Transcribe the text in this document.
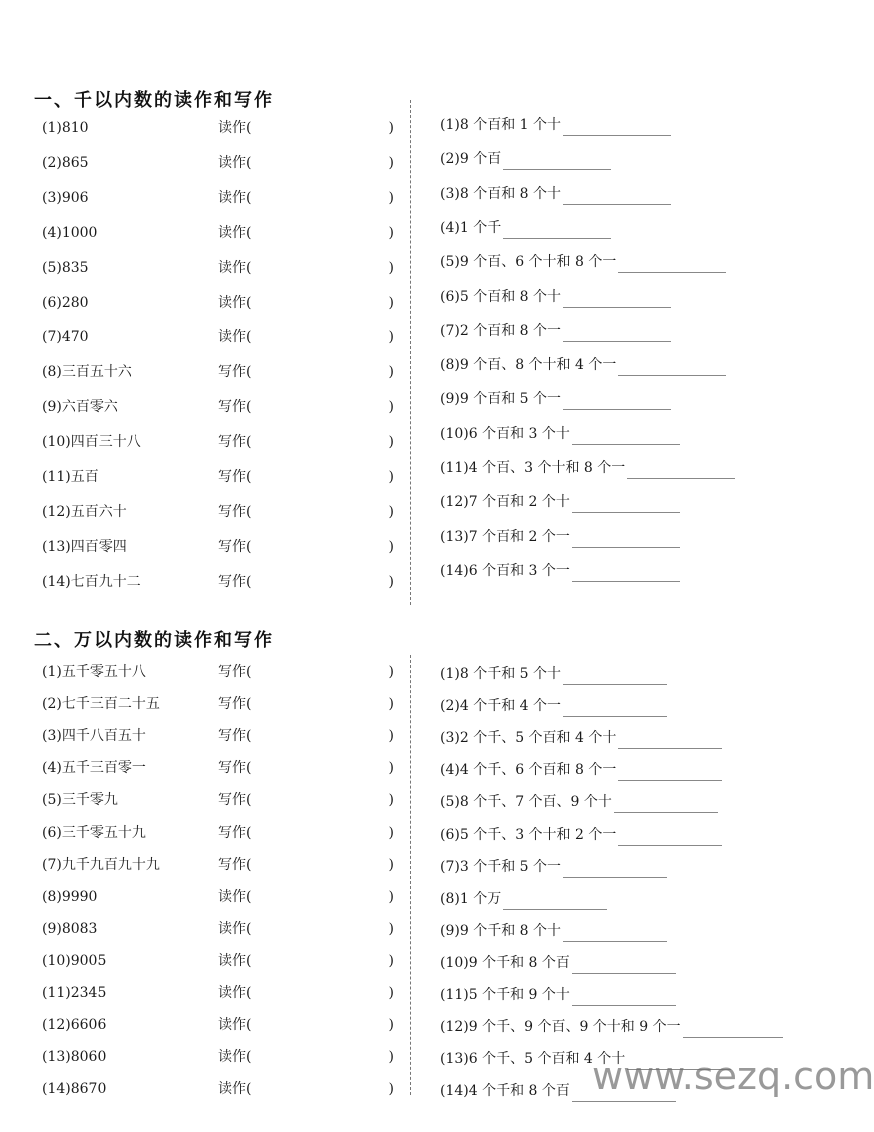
一、千以内数的读作和写作
(1)810	读作(	)
(2)865	读作(	)
(3)906	读作(	)
(4)1000	读作(	)
(5)835	读作(	)
(6)280	读作(	)
(7)470	读作(	)
(8)三百五十六	写作(	)
(9)六百零六	写作(	)
(10)四百三十八	写作(	)
(11)五百	写作(	)
(12)五百六十	写作(	)
(13)四百零四	写作(	)
(14)七百九十二	写作(	)
(1)8 个百和 1 个十
(2)9 个百
(3)8 个百和 8 个十
(4)1 个千
(5)9 个百、6 个十和 8 个一
(6)5 个百和 8 个十
(7)2 个百和 8 个一
(8)9 个百、8 个十和 4 个一
(9)9 个百和 5 个一
(10)6 个百和 3 个十
(11)4 个百、3 个十和 8 个一
(12)7 个百和 2 个十
(13)7 个百和 2 个一
(14)6 个百和 3 个一
二、万以内数的读作和写作
(1)五千零五十八	写作(	)
(2)七千三百二十五	写作(	)
(3)四千八百五十	写作(	)
(4)五千三百零一	写作(	)
(5)三千零九	写作(	)
(6)三千零五十九	写作(	)
(7)九千九百九十九	写作(	)
(8)9990	读作(	)
(9)8083	读作(	)
(10)9005	读作(	)
(11)2345	读作(	)
(12)6606	读作(	)
(13)8060	读作(	)
(14)8670	读作(	)
(1)8 个千和 5 个十
(2)4 个千和 4 个一
(3)2 个千、5 个百和 4 个十
(4)4 个千、6 个百和 8 个一
(5)8 个千、7 个百、9 个十
(6)5 个千、3 个十和 2 个一
(7)3 个千和 5 个一
(8)1 个万
(9)9 个千和 8 个十
(10)9 个千和 8 个百
(11)5 个千和 9 个十
(12)9 个千、9 个百、9 个十和 9 个一
(13)6 个千、5 个百和 4 个十
(14)4 个千和 8 个百 www.sezq.com
